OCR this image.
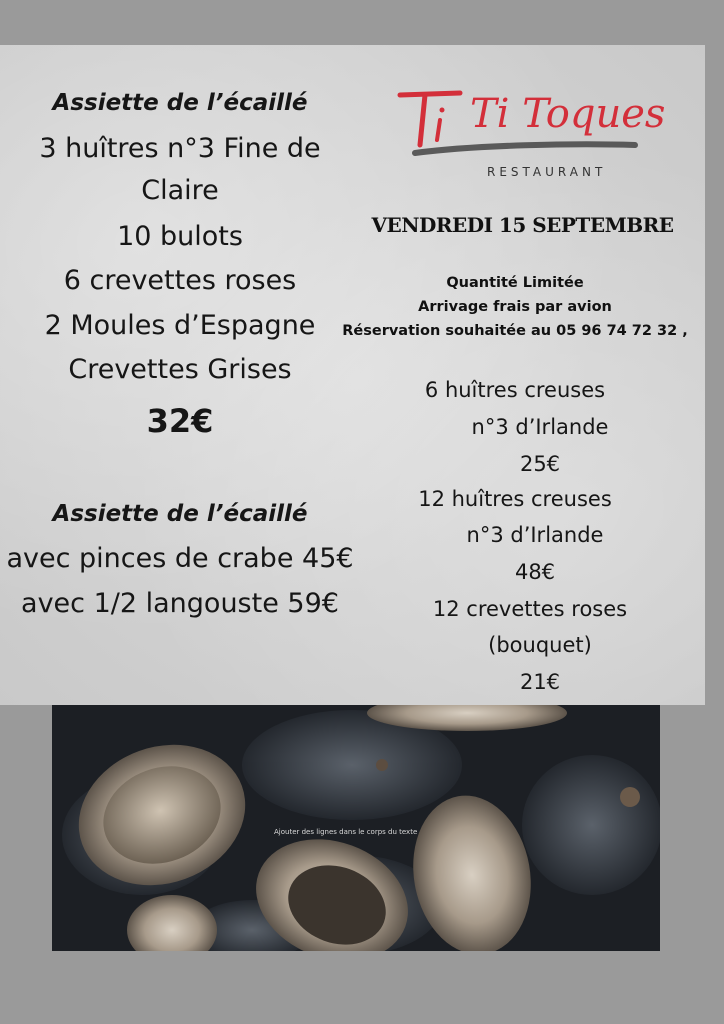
Assiette de l’écaillé
3 huîtres n°3 Fine de
Claire
10 bulots
6 crevettes roses
2 Moules d’Espagne
Crevettes Grises
32€
Assiette de l’écaillé
avec pinces de crabe 45€
avec 1/2 langouste 59€
Ti Toques
RESTAURANT
VENDREDI 15 SEPTEMBRE
Quantité Limitée
Arrivage frais par avion
Réservation souhaitée au 05 96 74 72 32 ,
6 huîtres creuses
n°3 d’Irlande
25€
12 huîtres creuses
n°3 d’Irlande
48€
12 crevettes roses
(bouquet)
21€
Ajouter des lignes dans le corps du texte
